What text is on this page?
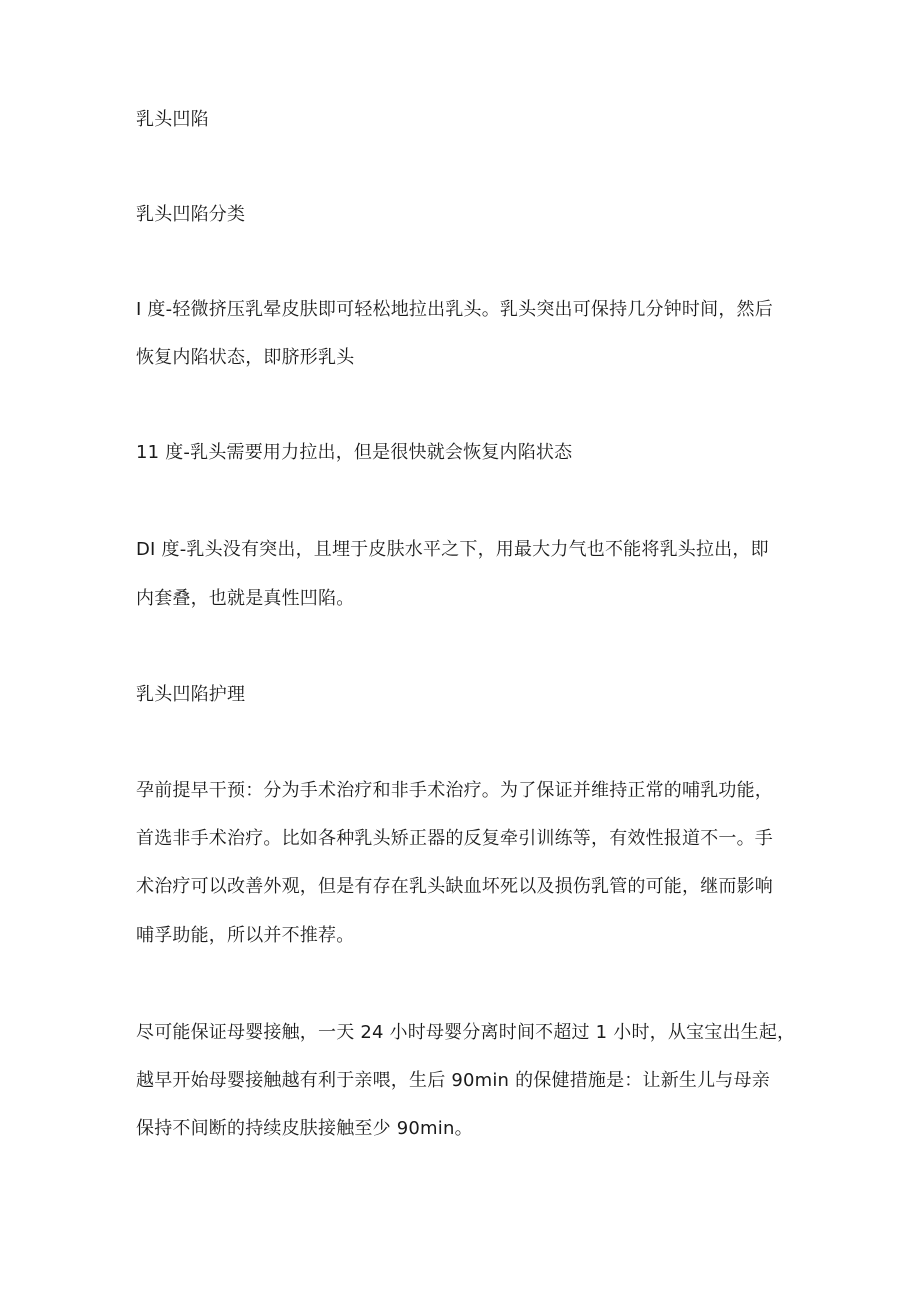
乳头凹陷
乳头凹陷分类
I 度-轻微挤压乳晕皮肤即可轻松地拉出乳头。乳头突出可保持几分钟时间，然后
恢复内陷状态，即脐形乳头
11 度-乳头需要用力拉出，但是很快就会恢复内陷状态
DI 度-乳头没有突出，且埋于皮肤水平之下，用最大力气也不能将乳头拉出，即
内套叠，也就是真性凹陷。
乳头凹陷护理
孕前提早干预：分为手术治疗和非手术治疗。为了保证并维持正常的哺乳功能，
首选非手术治疗。比如各种乳头矫正器的反复牵引训练等，有效性报道不一。手
术治疗可以改善外观，但是有存在乳头缺血坏死以及损伤乳管的可能，继而影响
哺孚助能，所以并不推荐。
尽可能保证母婴接触，一天 24 小时母婴分离时间不超过 1 小时，从宝宝出生起，
越早开始母婴接触越有利于亲喂，生后 90min 的保健措施是：让新生儿与母亲
保持不间断的持续皮肤接触至少 90min。
